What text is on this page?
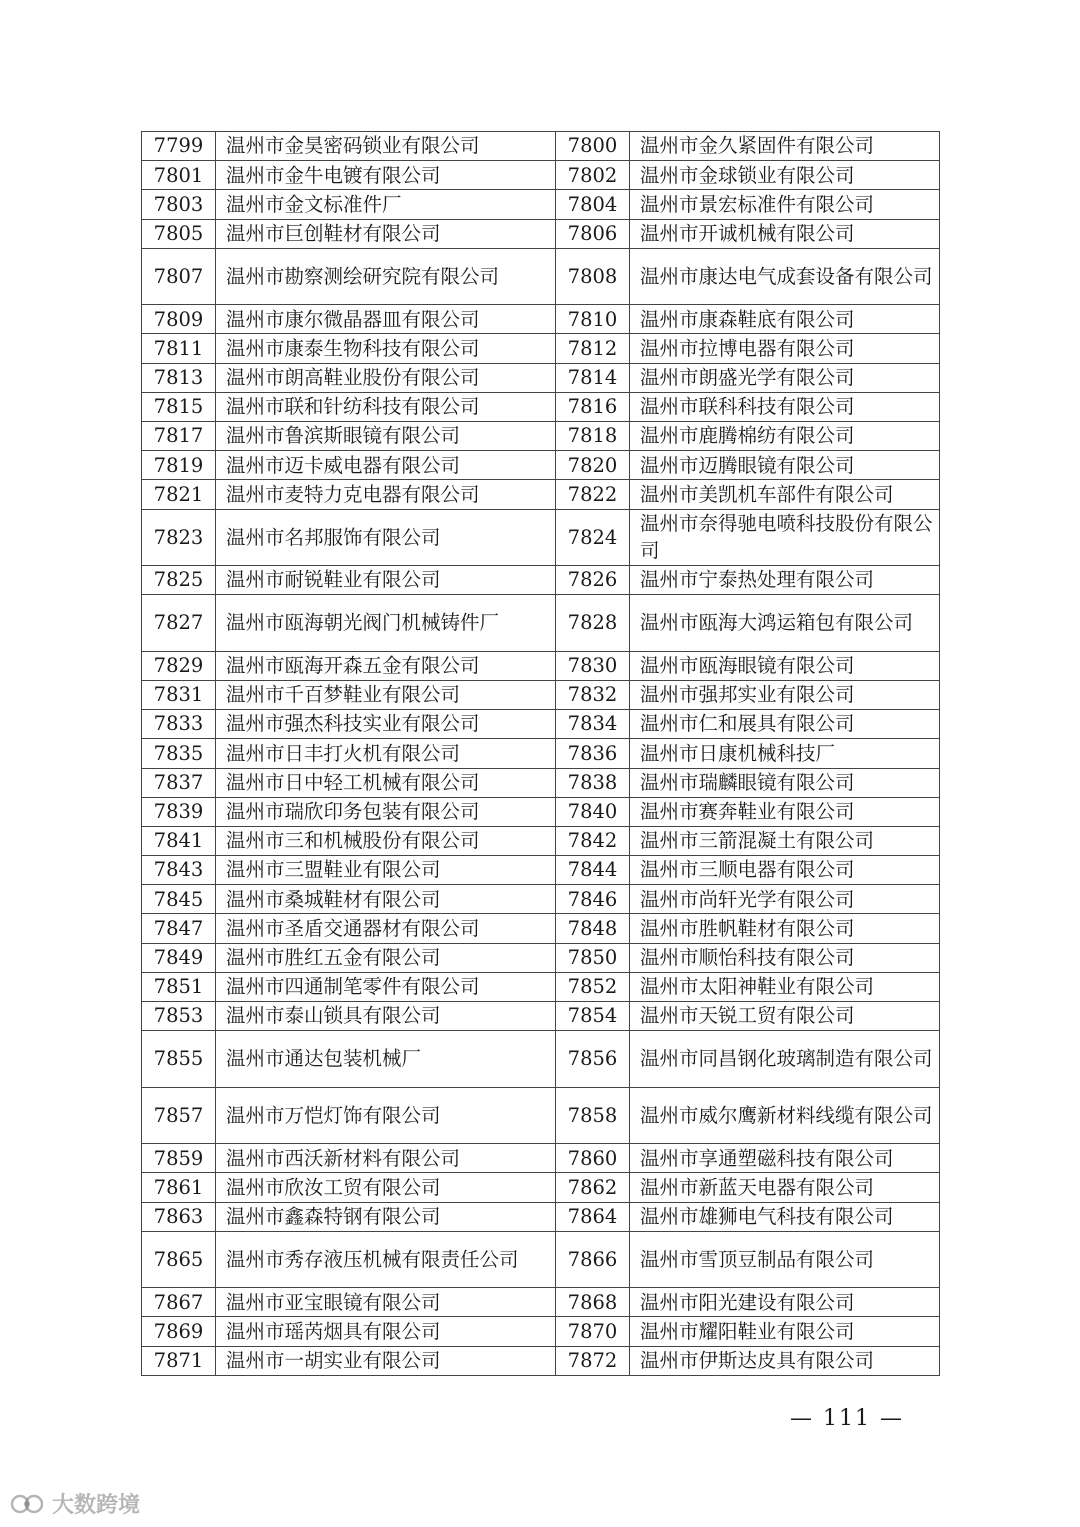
7799	温州市金昊密码锁业有限公司	7800	温州市金久紧固件有限公司
7801	温州市金牛电镀有限公司	7802	温州市金球锁业有限公司
7803	温州市金文标准件厂	7804	温州市景宏标准件有限公司
7805	温州市巨创鞋材有限公司	7806	温州市开诚机械有限公司
7807	温州市勘察测绘研究院有限公司	7808	温州市康达电气成套设备有限公司
7809	温州市康尔微晶器皿有限公司	7810	温州市康森鞋底有限公司
7811	温州市康泰生物科技有限公司	7812	温州市拉博电器有限公司
7813	温州市朗高鞋业股份有限公司	7814	温州市朗盛光学有限公司
7815	温州市联和针纺科技有限公司	7816	温州市联科科技有限公司
7817	温州市鲁滨斯眼镜有限公司	7818	温州市鹿腾棉纺有限公司
7819	温州市迈卡威电器有限公司	7820	温州市迈腾眼镜有限公司
7821	温州市麦特力克电器有限公司	7822	温州市美凯机车部件有限公司
7823	温州市名邦服饰有限公司	7824	温州市奈得驰电喷科技股份有限公司
7825	温州市耐锐鞋业有限公司	7826	温州市宁泰热处理有限公司
7827	温州市瓯海朝光阀门机械铸件厂	7828	温州市瓯海大鸿运箱包有限公司
7829	温州市瓯海开森五金有限公司	7830	温州市瓯海眼镜有限公司
7831	温州市千百梦鞋业有限公司	7832	温州市强邦实业有限公司
7833	温州市强杰科技实业有限公司	7834	温州市仁和展具有限公司
7835	温州市日丰打火机有限公司	7836	温州市日康机械科技厂
7837	温州市日中轻工机械有限公司	7838	温州市瑞麟眼镜有限公司
7839	温州市瑞欣印务包装有限公司	7840	温州市赛奔鞋业有限公司
7841	温州市三和机械股份有限公司	7842	温州市三箭混凝土有限公司
7843	温州市三盟鞋业有限公司	7844	温州市三顺电器有限公司
7845	温州市桑城鞋材有限公司	7846	温州市尚轩光学有限公司
7847	温州市圣盾交通器材有限公司	7848	温州市胜帆鞋材有限公司
7849	温州市胜红五金有限公司	7850	温州市顺怡科技有限公司
7851	温州市四通制笔零件有限公司	7852	温州市太阳神鞋业有限公司
7853	温州市泰山锁具有限公司	7854	温州市天锐工贸有限公司
7855	温州市通达包装机械厂	7856	温州市同昌钢化玻璃制造有限公司
7857	温州市万恺灯饰有限公司	7858	温州市威尔鹰新材料线缆有限公司
7859	温州市西沃新材料有限公司	7860	温州市享通塑磁科技有限公司
7861	温州市欣汝工贸有限公司	7862	温州市新蓝天电器有限公司
7863	温州市鑫森特钢有限公司	7864	温州市雄狮电气科技有限公司
7865	温州市秀存液压机械有限责任公司	7866	温州市雪顶豆制品有限公司
7867	温州市亚宝眼镜有限公司	7868	温州市阳光建设有限公司
7869	温州市瑶芮烟具有限公司	7870	温州市耀阳鞋业有限公司
7871	温州市一胡实业有限公司	7872	温州市伊斯达皮具有限公司
— 111 —
大数跨境
